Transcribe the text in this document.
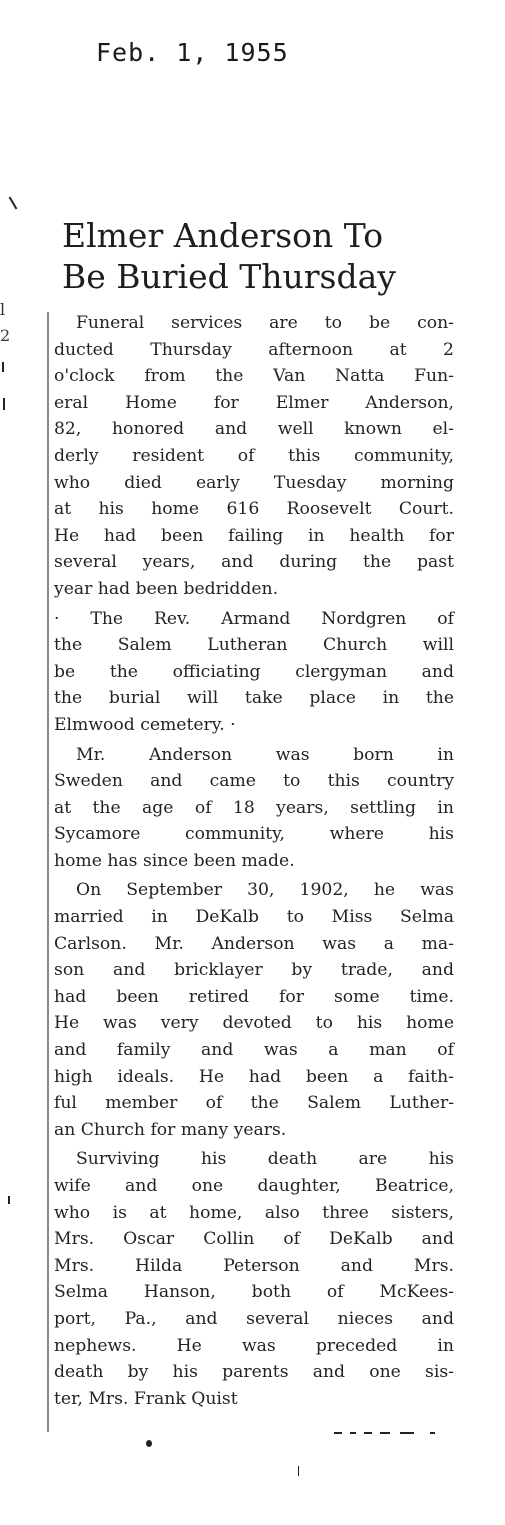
Feb. 1, 1955
l
2
Elmer Anderson To
Be Buried Thursday
Funeral services are to be con-
ducted Thursday afternoon at 2
o'clock from the Van Natta Fun-
eral Home for Elmer Anderson,
82, honored and well known el-
derly resident of this community,
who died early Tuesday morning
at his home 616 Roosevelt Court.
He had been failing in health for
several years, and during the past
year had been bedridden.
· The Rev. Armand Nordgren of
the Salem Lutheran Church will
be the officiating clergyman and
the burial will take place in the
Elmwood cemetery. ·
Mr. Anderson was born in
Sweden and came to this country
at the age of 18 years, settling in
Sycamore community, where his
home has since been made.
On September 30, 1902, he was
married in DeKalb to Miss Selma
Carlson. Mr. Anderson was a ma-
son and bricklayer by trade, and
had been retired for some time.
He was very devoted to his home
and family and was a man of
high ideals. He had been a faith-
ful member of the Salem Luther-
an Church for many years.
Surviving his death are his
wife and one daughter, Beatrice,
who is at home, also three sisters,
Mrs. Oscar Collin of DeKalb and
Mrs. Hilda Peterson and Mrs.
Selma Hanson, both of McKees-
port, Pa., and several nieces and
nephews. He was preceded in
death by his parents and one sis-
ter, Mrs. Frank Quist
